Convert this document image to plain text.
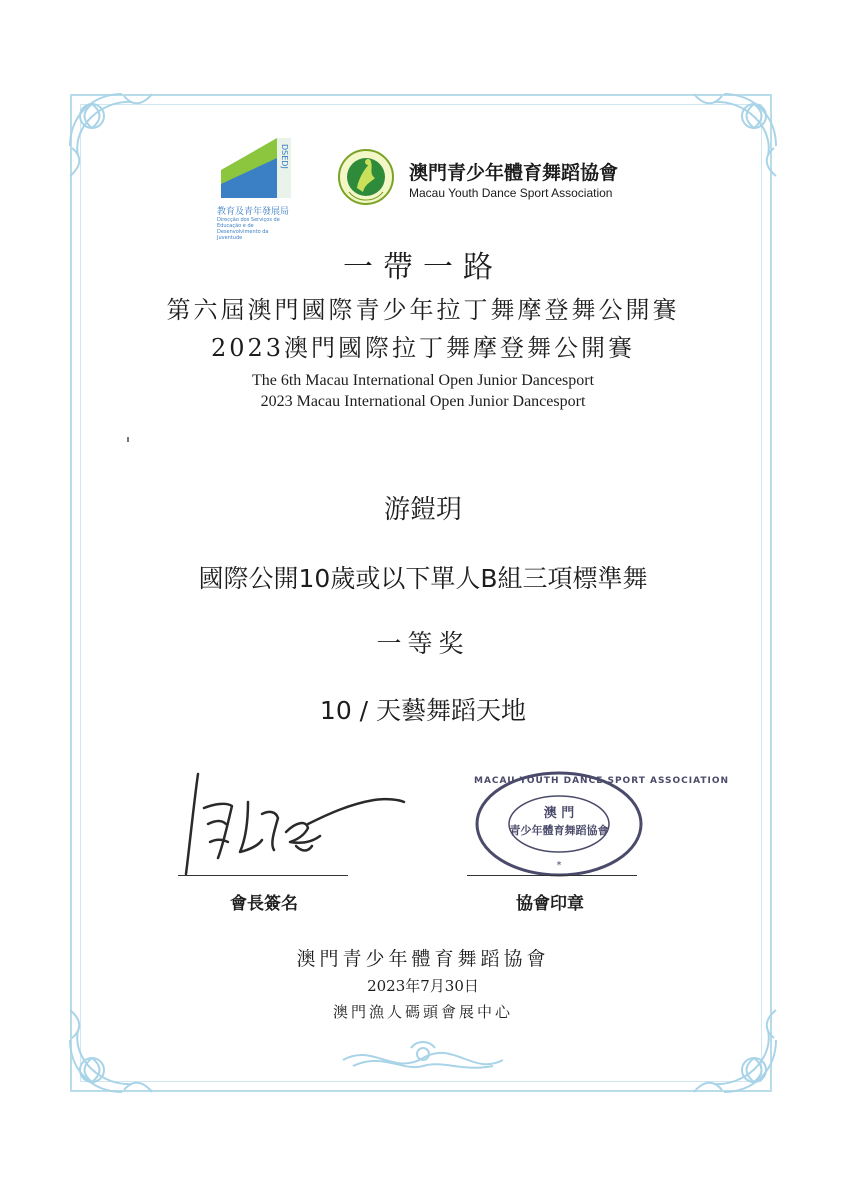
DSEDJ
教育及青年發展局
Direcção dos Serviços de Educação e de Desenvolvimento da Juventude
澳門青少年體育舞蹈協會
Macau Youth Dance Sport Association
一帶一路
第六屆澳門國際青少年拉丁舞摩登舞公開賽
2023澳門國際拉丁舞摩登舞公開賽
The 6th Macau International Open Junior Dancesport
2023 Macau International Open Junior Dancesport
游鎧玥
國際公開10歲或以下單人B組三項標準舞
一等奖
10 / 天藝舞蹈天地
會長簽名
*
MACAU YOUTH DANCE SPORT ASSOCIATION
澳 門
青少年體育舞蹈協會
協會印章
澳門青少年體育舞蹈協會
2023年7月30日
澳門漁人碼頭會展中心
